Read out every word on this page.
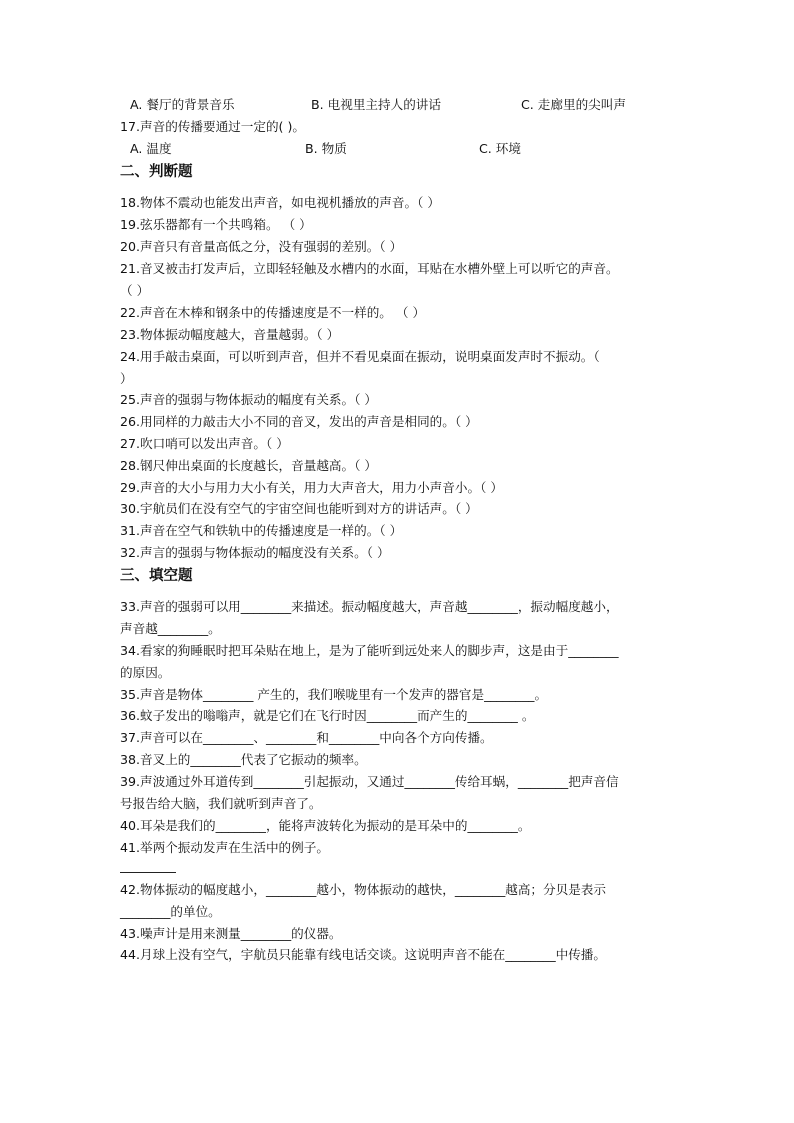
A. 餐厅的背景音乐	B. 电视里主持人的讲话	C. 走廊里的尖叫声
17.声音的传播要通过一定的( )。
A. 温度	B. 物质	C. 环境
二、判断题
18.物体不震动也能发出声音，如电视机播放的声音。（ ）
19.弦乐器都有一个共鸣箱。 （ ）
20.声音只有音量高低之分，没有强弱的差别。（ ）
21.音叉被击打发声后，立即轻轻触及水槽内的水面，耳贴在水槽外壁上可以听它的声音。
（ ）
22.声音在木棒和钢条中的传播速度是不一样的。 （ ）
23.物体振动幅度越大，音量越弱。（ ）
24.用手敲击桌面，可以听到声音，但并不看见桌面在振动，说明桌面发声时不振动。（
）
25.声音的强弱与物体振动的幅度有关系。（ ）
26.用同样的力敲击大小不同的音叉，发出的声音是相同的。（ ）
27.吹口哨可以发出声音。（ ）
28.钢尺伸出桌面的长度越长，音量越高。（ ）
29.声音的大小与用力大小有关，用力大声音大，用力小声音小。（ ）
30.宇航员们在没有空气的宇宙空间也能听到对方的讲话声。（ ）
31.声音在空气和铁轨中的传播速度是一样的。（ ）
32.声言的强弱与物体振动的幅度没有关系。（ ）
三、填空题
33.声音的强弱可以用________来描述。振动幅度越大，声音越________，振动幅度越小，
声音越________。
34.看家的狗睡眠时把耳朵贴在地上，是为了能听到远处来人的脚步声，这是由于________
的原因。
35.声音是物体________ 产生的，我们喉咙里有一个发声的器官是________。
36.蚊子发出的嗡嗡声，就是它们在飞行时因________而产生的________ 。
37.声音可以在________、________和________中向各个方向传播。
38.音叉上的________代表了它振动的频率。
39.声波通过外耳道传到________引起振动，又通过________传给耳蜗，________把声音信
号报告给大脑，我们就听到声音了。
40.耳朵是我们的________，能将声波转化为振动的是耳朵中的________。
41.举两个振动发声在生活中的例子。
42.物体振动的幅度越小，________越小，物体振动的越快，________越高；分贝是表示
________的单位。
43.噪声计是用来测量________的仪器。
44.月球上没有空气，宇航员只能靠有线电话交谈。这说明声音不能在________中传播。
